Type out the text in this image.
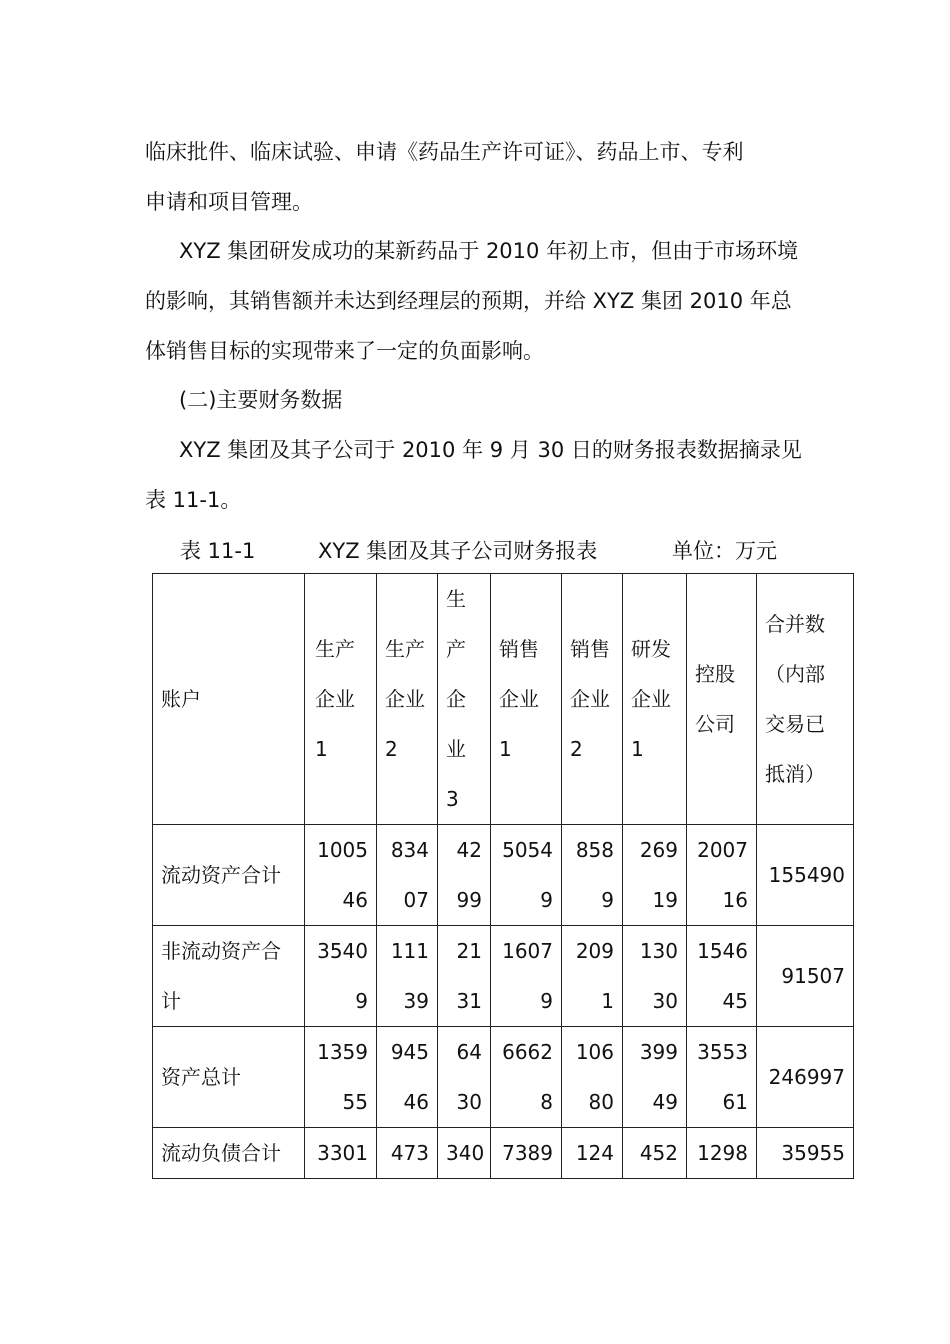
临床批件、临床试验、申请《药品生产许可证》、药品上市、专利
申请和项目管理。

XYZ 集团研发成功的某新药品于 2010 年初上市，但由于市场环境
的影响，其销售额并未达到经理层的预期，并给 XYZ 集团 2010 年总
体销售目标的实现带来了一定的负面影响。

(二)主要财务数据

XYZ 集团及其子公司于 2010 年 9 月 30 日的财务报表数据摘录见
表 11-1。

表 11-1	XYZ 集团及其子公司财务报表	单位：万元
账户	生产企业1	生产企业2	生产企业3	销售企业1	销售企业2	研发企业1	控股公司	合并数（内部交易已抵消）

流动资产合计	100546	83407	4299	50549	8589	26919	200716	155490
非流动资产合计	35409	11139	2131	16079	2091	13030	154645	91507
资产总计	135955	94546	6430	66628	10680	39949	355361	246997
流动负债合计	3301	473	340	7389	124	452	1298	35955
